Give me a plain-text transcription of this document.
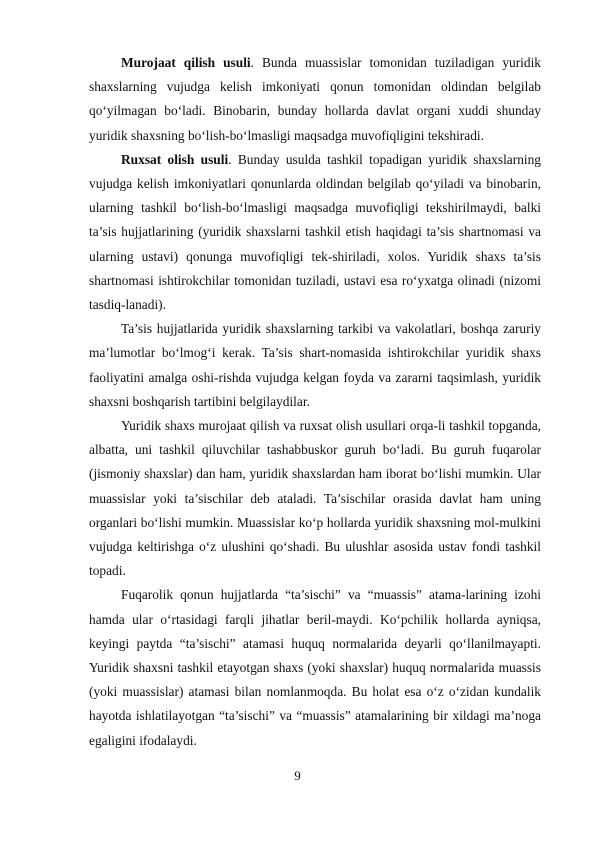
Murojaat qilish usuli. Bunda muassislar tomonidan tuziladigan yuridik shaxslarning vujudga kelish imkoniyati qonun tomonidan oldindan belgilab qo‘yilmagan bo‘ladi. Binobarin, bunday hollarda davlat organi xuddi shunday yuridik shaxsning bo‘lish-bo‘lmasligi maqsadga muvofiqligini tekshiradi.

Ruxsat olish usuli. Bunday usulda tashkil topadigan yuridik shaxslarning vujudga kelish imkoniyatlari qonunlarda oldindan belgilab qo‘yiladi va binobarin, ularning tashkil bo‘lish-bo‘lmasligi maqsadga muvofiqligi tekshirilmaydi, balki ta’sis hujjatlarining (yuridik shaxslarni tashkil etish haqidagi ta’sis shartnomasi va ularning ustavi) qonunga muvofiqligi tek-shiriladi, xolos. Yuridik shaxs ta’sis shartnomasi ishtirokchilar tomonidan tuziladi, ustavi esa ro‘yxatga olinadi (nizomi tasdiq-lanadi).

Ta’sis hujjatlarida yuridik shaxslarning tarkibi va vakolatlari, boshqa zaruriy ma’lumotlar bo‘lmog‘i kerak. Ta’sis shart-nomasida ishtirokchilar yuridik shaxs faoliyatini amalga oshi-rishda vujudga kelgan foyda va zararni taqsimlash, yuridik shaxsni boshqarish tartibini belgilaydilar.

Yuridik shaxs murojaat qilish va ruxsat olish usullari orqa-li tashkil topganda, albatta, uni tashkil qiluvchilar tashabbuskor guruh bo‘ladi. Bu guruh fuqarolar (jismoniy shaxslar) dan ham, yuridik shaxslardan ham iborat bo‘lishi mumkin. Ular muassislar yoki ta’sischilar deb ataladi. Ta’sischilar orasida davlat ham uning organlari bo‘lishi mumkin. Muassislar ko‘p hollarda yuridik shaxsning mol-mulkini vujudga keltirishga o‘z ulushini qo‘shadi. Bu ulushlar asosida ustav fondi tashkil topadi.

Fuqarolik qonun hujjatlarda “ta’sischi” va “muassis” atama-larining izohi hamda ular o‘rtasidagi farqli jihatlar beril-maydi. Ko‘pchilik hollarda ayniqsa, keyingi paytda “ta’sischi” atamasi huquq normalarida deyarli qo‘llanilmayapti. Yuridik shaxsni tashkil etayotgan shaxs (yoki shaxslar) huquq normalarida muassis (yoki muassislar) atamasi bilan nomlanmoqda. Bu holat esa o‘z o‘zidan kundalik hayotda ishlatilayotgan “ta’sischi” va “muassis” atamalarining bir xildagi ma’noga egaligini ifodalaydi.

9
